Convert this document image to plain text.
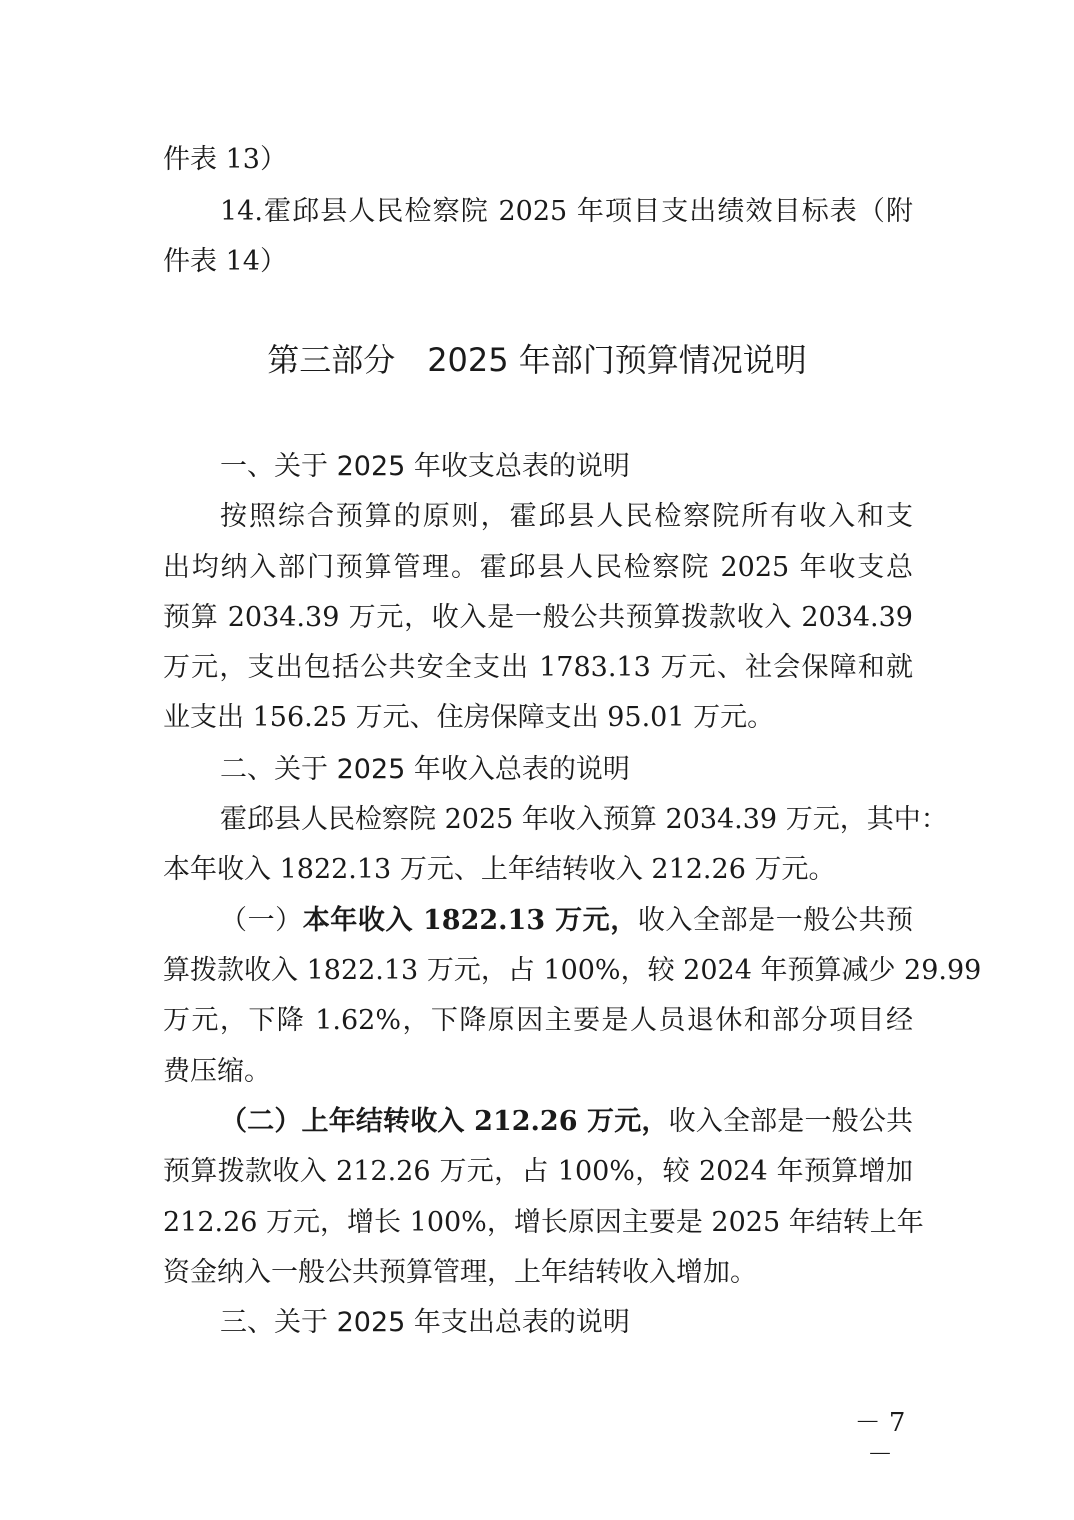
件表 13）
14.霍邱县人民检察院 2025 年项目支出绩效目标表（附
件表 14）
第三部分　2025 年部门预算情况说明
一、关于 2025 年收支总表的说明
按照综合预算的原则，霍邱县人民检察院所有收入和支
出均纳入部门预算管理。霍邱县人民检察院 2025 年收支总
预算 2034.39 万元，收入是一般公共预算拨款收入 2034.39
万元，支出包括公共安全支出 1783.13 万元、社会保障和就
业支出 156.25 万元、住房保障支出 95.01 万元。
二、关于 2025 年收入总表的说明
霍邱县人民检察院 2025 年收入预算 2034.39 万元，其中：
本年收入 1822.13 万元、上年结转收入 212.26 万元。
（一）本年收入 1822.13 万元，收入全部是一般公共预
算拨款收入 1822.13 万元，占 100%，较 2024 年预算减少 29.99
万元，下降 1.62%，下降原因主要是人员退休和部分项目经
费压缩。
（二）上年结转收入 212.26 万元，收入全部是一般公共
预算拨款收入 212.26 万元，占 100%，较 2024 年预算增加
212.26 万元，增长 100%，增长原因主要是 2025 年结转上年
资金纳入一般公共预算管理，上年结转收入增加。
三、关于 2025 年支出总表的说明
－ 7 －
